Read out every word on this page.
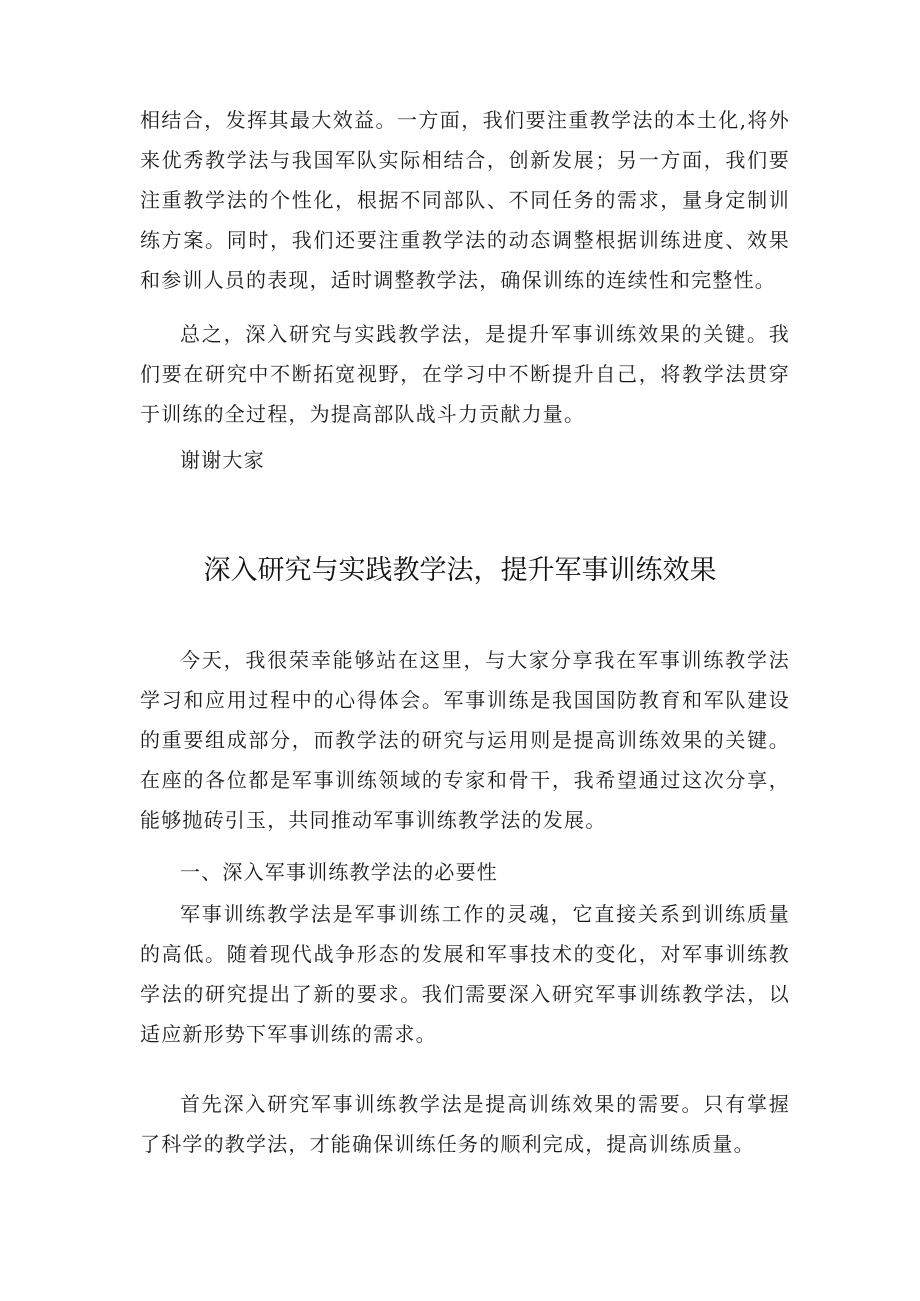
相结合，发挥其最大效益。一方面，我们要注重教学法的本土化,将外来优秀教学法与我国军队实际相结合，创新发展；另一方面，我们要注重教学法的个性化，根据不同部队、不同任务的需求，量身定制训练方案。同时，我们还要注重教学法的动态调整根据训练进度、效果和参训人员的表现，适时调整教学法，确保训练的连续性和完整性。

总之，深入研究与实践教学法，是提升军事训练效果的关键。我们要在研究中不断拓宽视野，在学习中不断提升自己，将教学法贯穿于训练的全过程，为提高部队战斗力贡献力量。

谢谢大家

深入研究与实践教学法，提升军事训练效果

今天，我很荣幸能够站在这里，与大家分享我在军事训练教学法学习和应用过程中的心得体会。军事训练是我国国防教育和军队建设的重要组成部分，而教学法的研究与运用则是提高训练效果的关键。在座的各位都是军事训练领域的专家和骨干，我希望通过这次分享，能够抛砖引玉，共同推动军事训练教学法的发展。

一、深入军事训练教学法的必要性

军事训练教学法是军事训练工作的灵魂，它直接关系到训练质量的高低。随着现代战争形态的发展和军事技术的变化，对军事训练教学法的研究提出了新的要求。我们需要深入研究军事训练教学法，以适应新形势下军事训练的需求。

首先深入研究军事训练教学法是提高训练效果的需要。只有掌握了科学的教学法，才能确保训练任务的顺利完成，提高训练质量。
